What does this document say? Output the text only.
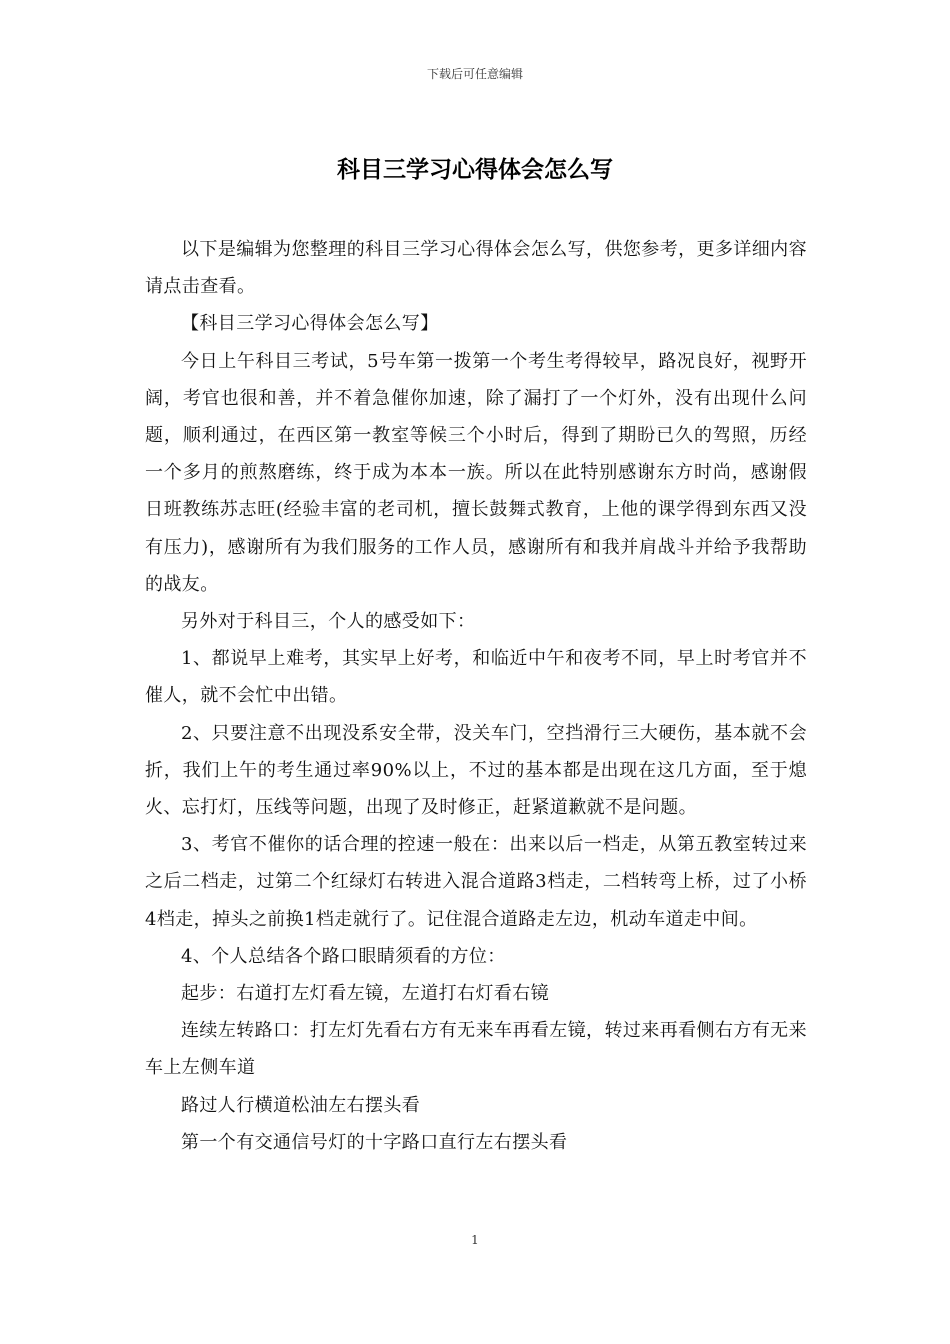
下载后可任意编辑
科目三学习心得体会怎么写

以下是编辑为您整理的科目三学习心得体会怎么写，供您参考，更多详细内容请点击查看。

【科目三学习心得体会怎么写】

今日上午科目三考试，5号车第一拨第一个考生考得较早，路况良好，视野开阔，考官也很和善，并不着急催你加速，除了漏打了一个灯外，没有出现什么问题，顺利通过，在西区第一教室等候三个小时后，得到了期盼已久的驾照，历经一个多月的煎熬磨练，终于成为本本一族。所以在此特别感谢东方时尚，感谢假日班教练苏志旺(经验丰富的老司机，擅长鼓舞式教育，上他的课学得到东西又没有压力)，感谢所有为我们服务的工作人员，感谢所有和我并肩战斗并给予我帮助的战友。

另外对于科目三，个人的感受如下：

1、都说早上难考，其实早上好考，和临近中午和夜考不同，早上时考官并不催人，就不会忙中出错。

2、只要注意不出现没系安全带，没关车门，空挡滑行三大硬伤，基本就不会折，我们上午的考生通过率90%以上，不过的基本都是出现在这几方面，至于熄火、忘打灯，压线等问题，出现了及时修正，赶紧道歉就不是问题。

3、考官不催你的话合理的控速一般在：出来以后一档走，从第五教室转过来之后二档走，过第二个红绿灯右转进入混合道路3档走，二档转弯上桥，过了小桥4档走，掉头之前换1档走就行了。记住混合道路走左边，机动车道走中间。

4、个人总结各个路口眼睛须看的方位：

起步：右道打左灯看左镜，左道打右灯看右镜

连续左转路口：打左灯先看右方有无来车再看左镜，转过来再看侧右方有无来车上左侧车道

路过人行横道松油左右摆头看

第一个有交通信号灯的十字路口直行左右摆头看

1
